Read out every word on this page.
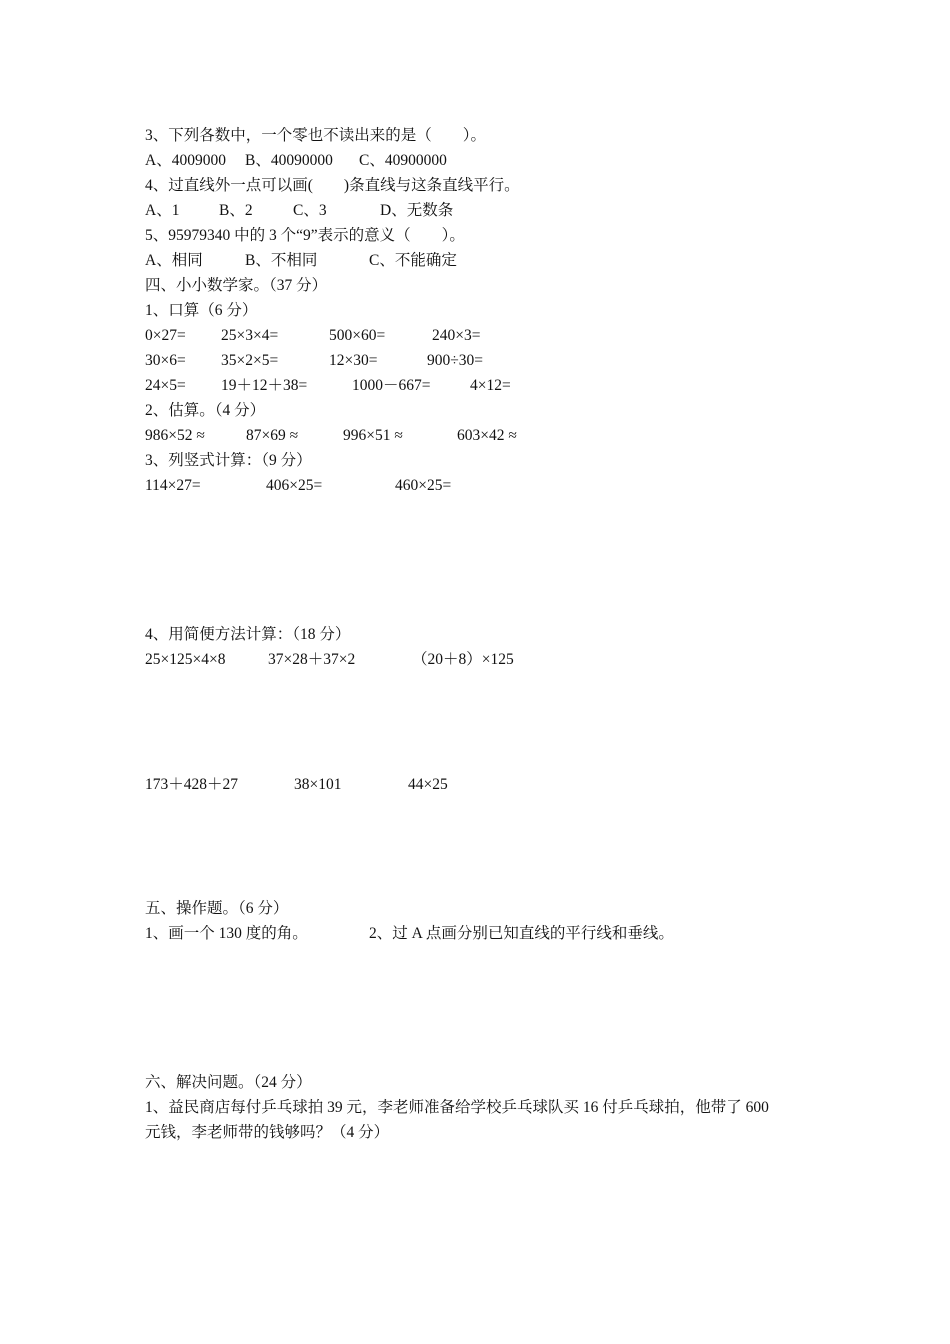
3、下列各数中，一个零也不读出来的是（　　）。
A、4009000 B、40090000 C、40900000
4、过直线外一点可以画(　　)条直线与这条直线平行。
A、1	B、2	C、3	D、无数条
5、95979340 中的 3 个“9”表示的意义（　　）。
A、相同	B、不相同	C、不能确定
四、小小数学家。（37 分）
1、口算（6 分）
0×27= 25×3×4=	500×60=	240×3=
30×6= 35×2×5=	12×30=	900÷30=
24×5= 19＋12＋38=	1000－667=	4×12=
2、估算。（4 分）
986×52 ≈	87×69 ≈	996×51 ≈	603×42 ≈
3、列竖式计算：（9 分）
114×27=	406×25=	460×25=
4、用简便方法计算：（18 分）
25×125×4×8	37×28＋37×2	（20＋8）×125
173＋428＋27	38×101	44×25
五、操作题。（6 分）
1、画一个 130 度的角。	2、过 A 点画分别已知直线的平行线和垂线。
六、解决问题。（24 分）
1、益民商店每付乒乓球拍 39 元，李老师准备给学校乒乓球队买 16 付乒乓球拍，他带了 600
元钱，李老师带的钱够吗？（4 分）
